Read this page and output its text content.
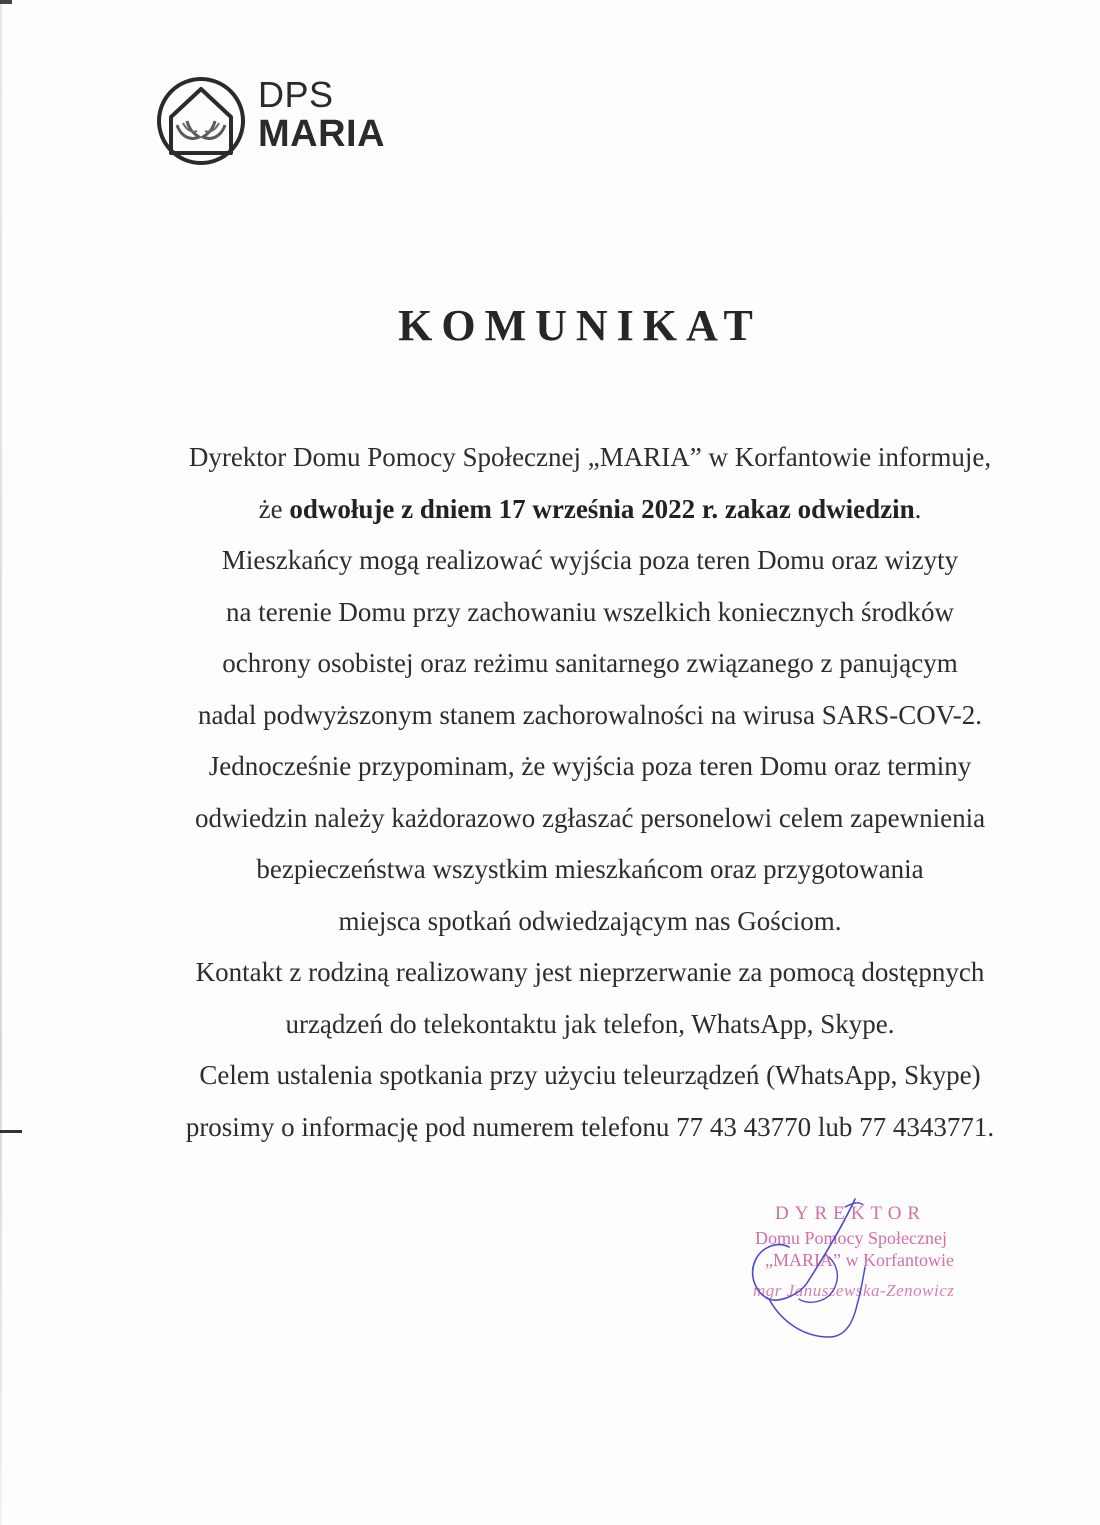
DPS
MARIA
KOMUNIKAT

Dyrektor Domu Pomocy Społecznej „MARIA” w Korfantowie informuje,

że odwołuje z dniem 17 września 2022 r. zakaz odwiedzin.

Mieszkańcy mogą realizować wyjścia poza teren Domu oraz wizyty

na terenie Domu przy zachowaniu wszelkich koniecznych środków

ochrony osobistej oraz reżimu sanitarnego związanego z panującym

nadal podwyższonym stanem zachorowalności na wirusa SARS-COV-2.

Jednocześnie przypominam, że wyjścia poza teren Domu oraz terminy

odwiedzin należy każdorazowo zgłaszać personelowi celem zapewnienia

bezpieczeństwa wszystkim mieszkańcom oraz przygotowania

miejsca spotkań odwiedzającym nas Gościom.

Kontakt z rodziną realizowany jest nieprzerwanie za pomocą dostępnych

urządzeń do telekontaktu jak telefon, WhatsApp, Skype.

Celem ustalenia spotkania przy użyciu teleurządzeń (WhatsApp, Skype)

prosimy o informację pod numerem telefonu 77 43 43770 lub 77 4343771.

DYREKTOR
Domu Pomocy Społecznej
„MARIA” w Korfantowie
mgr Januszewska-Zenowicz
